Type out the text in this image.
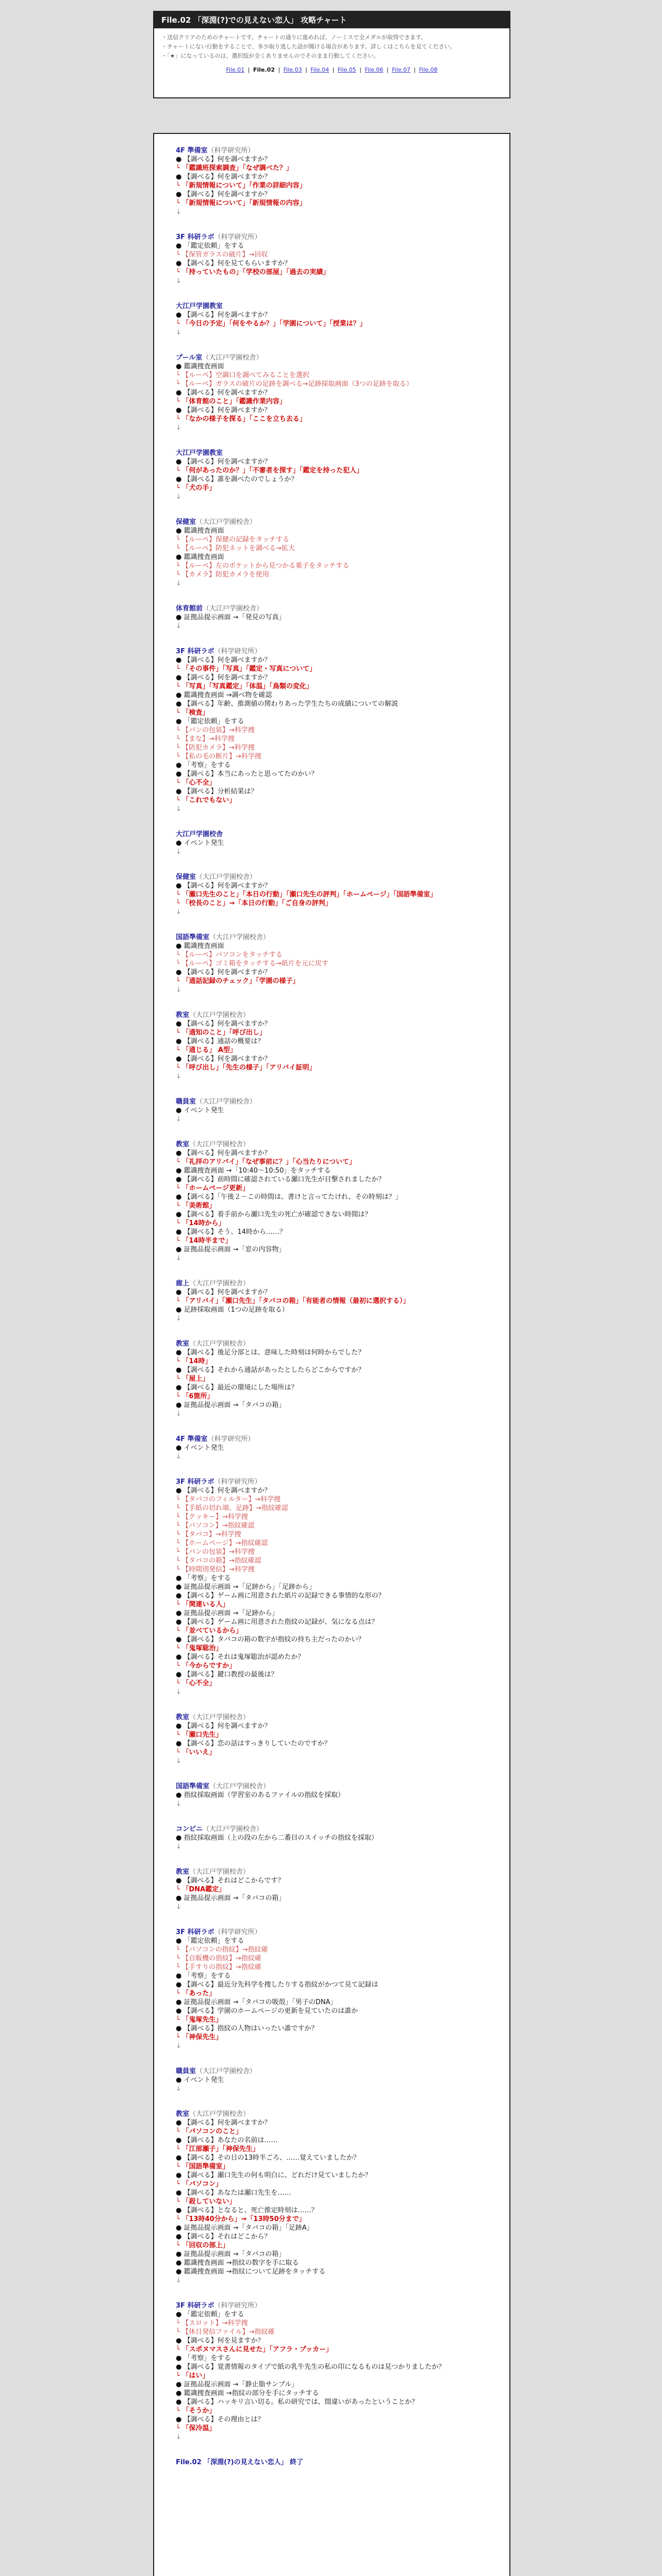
File.02 「深淵(?)での見えない恋人」 攻略チャート
・送信クリアのためのチャートです。チャートの通りに進めれば、ノーミスで全メダルが取得できます。
・チャートにない行動をすることで、多少取り逃した話が聞ける場合があります。詳しくはこちらを見てください。
・「★」になっているのは、選択肢が全くありませんのでそのまま行動してください。
File.01 | File.02 | File.03 | File.04 | File.05 | File.06 | File.07 | File.08
4F 準備室（科学研究所）
● 【調べる】何を調べますか？
└ 「鑑識班探索調査」「なぜ調べた？」
● 【調べる】何を調べますか？
└ 「新規情報について」「作業の詳細内容」
● 【調べる】何を調べますか？
└ 「新規情報について」「新規情報の内容」
↓
3F 科研ラボ（科学研究所）
● 「鑑定依頼」をする
└ 【保管ガラスの破片】→回収
● 【調べる】何を見てもらいますか？
└ 「持っていたもの」「学校の部屋」「過去の実績」
↓
大江戸学園教室
● 【調べる】何を調べますか？
└ 「今日の予定」「何をやるか？」「学園について」「授業は？」
↓
プール室（大江戸学園校舎）
● 鑑識捜査画面
└ 【ルーペ】空調口を調べてみることを選択
└ 【ルーペ】ガラスの破片の足跡を調べる→足跡採取画面（3つの足跡を取る）
● 【調べる】何を調べますか？
└ 「体育館のこと」「鑑識作業内容」
● 【調べる】何を調べますか？
└ 「なかの様子を探る」「ここを立ち去る」
↓
大江戸学園教室
● 【調べる】何を調べますか？
└ 「何があったのか？」「不審者を探す」「鑑定を持った犯人」
● 【調べる】誰を調べたのでしょうか？
└ 「犬の手」
↓
保健室（大江戸学園校舎）
● 鑑識捜査画面
└ 【ルーペ】保健の記録をタッチする
└ 【ルーペ】防犯ネットを調べる→拡大
● 鑑識捜査画面
└ 【ルーペ】左のポケットから見つかる菓子をタッチする
└ 【カメラ】防犯カメラを使用
↓
体育館前（大江戸学園校舎）
● 証拠品提示画面 →「発見の写真」
↓
3F 科研ラボ（科学研究所）
● 【調べる】何を調べますか？
└ 「その事件」「写真」「鑑定・写真について」
● 【調べる】何を調べますか？
└ 「写真」「写真鑑定」「体温」「鳥類の変化」
● 鑑識捜査画面 →調べ物を確認
● 【調べる】年齢、推測値の関わりあった学生たちの成績についての解説
└ 「検査」
● 「鑑定依頼」をする
└ 【パンの包装】→科学捜
└ 【まな】→科学捜
└ 【防犯カメラ】→科学捜
└ 【私の毛の断片】→科学捜
● 「考察」をする
● 【調べる】本当にあったと思ってたのかい？
└ 「心不全」
● 【調べる】分析結果は？
└ 「これでもない」
↓
大江戸学園校舎
● イベント発生
↓
保健室（大江戸学園校舎）
● 【調べる】何を調べますか？
└ 「瀬口先生のこと」「本日の行動」「瀬口先生の評判」「ホームページ」「国語準備室」
└ 「校長のこと」→「本日の行動」「ご自身の評判」
↓
国語準備室（大江戸学園校舎）
● 鑑識捜査画面
└ 【ルーペ】パソコンをタッチする
└ 【ルーペ】ゴミ箱をタッチする→紙片を元に戻す
● 【調べる】何を調べますか？
└ 「通話記録のチェック」「学園の様子」
↓
教室（大江戸学園校舎）
● 【調べる】何を調べますか？
└ 「通知のこと」「呼び出し」
● 【調べる】通話の概要は？
└ 「通じる」 A型」
● 【調べる】何を調べますか？
└ 「呼び出し」「先生の様子」「アリバイ証明」
↓
職員室（大江戸学園校舎）
● イベント発生
↓
教室（大江戸学園校舎）
● 【調べる】何を調べますか？
└ 「礼拝のアリバイ」「なぜ事前に？」「心当たりについて」
● 鑑識捜査画面 →「10:40〜10:50」をタッチする
● 【調べる】前時間に確認されている瀬口先生が目撃されましたか？
└ 「ホームページ更新」
● 【調べる】「午後２－この時間は、書けと言ってたけれ、その時刻は？」
└ 「美術館」
● 【調べる】着手前から瀬口先生の死亡が確認できない時間は？
└ 「14時から」
● 【調べる】そう、14時から……？
└ 「14時半まで」
● 証拠品提示画面 →「窓の内容物」
↓
廊上（大江戸学園校舎）
● 【調べる】何を調べますか？
└ 「アリバイ」「瀬口先生」「タバコの箱」「有能者の情報（最初に選択する）」
● 足跡採取画面（1つの足跡を取る）
↓
教室（大江戸学園校舎）
● 【調べる】後足分部とは、意味した時刻は何時からでした？
└ 「14時」
● 【調べる】それから通話があったとしたらどこからですか？
└ 「屋上」
● 【調べる】最近の環境にした場所は？
└ 「6箇所」
● 証拠品提示画面 →「タバコの箱」
↓
4F 準備室（科学研究所）
● イベント発生
↓
3F 科研ラボ（科学研究所）
● 【調べる】何を調べますか？
└ 【タバコのフィルター】→科学捜
└ 【手紙の切れ端、足跡】→指紋確認
└ 【クッキー】→科学捜
└ 【パソコン】→指紋確認
└ 【タバコ】→科学捜
└ 【ホームページ】→指紋確認
└ 【パンの包装】→科学捜
└ 【タバコの箱】→指紋確認
└ 【時間別発信】→科学捜
● 「考察」をする
● 証拠品提示画面 →「足跡から」「足跡から」
● 【調べる】ゲーム画に用意された紙片の記録できる事情的な形の？
└ 「関連いる人」
● 証拠品提示画面 →「足跡から」
● 【調べる】ゲーム画に用意された指紋の記録が、気になる点は？
└ 「並べているから」
● 【調べる】タバコの箱の数字が指紋の持ち主だったのかい？
└ 「鬼塚聡治」
● 【調べる】それは鬼塚聡治が認めたか？
└ 「今からですか」
● 【調べる】鍵口教授の最後は？
└ 「心不全」
↓
教室（大江戸学園校舎）
● 【調べる】何を調べますか？
└ 「瀬口先生」
● 【調べる】恋の話はすっきりしていたのですか？
└ 「いいえ」
↓
国語準備室（大江戸学園校舎）
● 指紋採取画面（学習室のあるファイルの指紋を採取）
↓
コンビニ（大江戸学園校舎）
● 指紋採取画面（上の段の左から二番目のスイッチの指紋を採取）
↓
教室（大江戸学園校舎）
● 【調べる】それはどこからです？
└ 「DNA鑑定」
● 証拠品提示画面 →「タバコの箱」
↓
3F 科研ラボ（科学研究所）
● 「鑑定依頼」をする
└ 【パソコンの指紋】→指紋確
└ 【自販機の指紋】→指紋確
└ 【手すりの指紋】→指紋確
● 「考察」をする
● 【調べる】最近分先科学を捜したりする指紋がかつて見て記録は
└ 「あった」
● 証拠品提示画面 →「タバコの吸殻」「男子のDNA」
● 【調べる】学園のホームページの更新を見ていたのは誰か
└ 「鬼塚先生」
● 【調べる】指紋の人物はいったい誰ですか？
└ 「神保先生」
↓
職員室（大江戸学園校舎）
● イベント発生
↓
教室（大江戸学園校舎）
● 【調べる】何を調べますか？
└ 「パソコンのこと」
● 【調べる】あなたの名前は……
└ 「江部瀬子」「神保先生」
● 【調べる】その日の13時半ごろ、……覚えていましたか？
└ 「国語準備室」
● 【調べる】瀬口先生の何も明白に、どれだけ見ていましたか？
└ 「パソコン」
● 【調べる】あなたは瀬口先生を……
└ 「殺していない」
● 【調べる】となると、死亡推定時刻は……？
└ 「13時40分から」→「13時50分まで」
● 証拠品提示画面 →「タバコの箱」「足跡A」
● 【調べる】それはどこから？
└ 「回収の部上」
● 証拠品提示画面 →「タバコの箱」
● 鑑識捜査画面 →指紋の数字を手に取る
● 鑑識捜査画面 →指紋について足跡をタッチする
↓
3F 科研ラボ（科学研究所）
● 「鑑定依頼」をする
└ 【スロット】→科学捜
└ 【休日発信ファイル】→指紋確
● 【調べる】何を見ますか？
└ 「スポヌマスさんに見せた」「アフラ・プッカー」
● 「考察」をする
● 【調べる】覚書情報のタイプで紙の乳牛先生の私の印になるものは見つかりましたか？
└ 「はい」
● 証拠品提示画面 →「静止脂サンプル」
● 鑑識捜査画面 →指紋の部分を手にタッチする
● 【調べる】ハッキリ言い切る。私の研究では、間違いがあったということか？
└ 「そうか」
● 【調べる】その理由とは？
└ 「保冷温」
↓
File.02 「深淵(?)の見えない恋人」 終了
